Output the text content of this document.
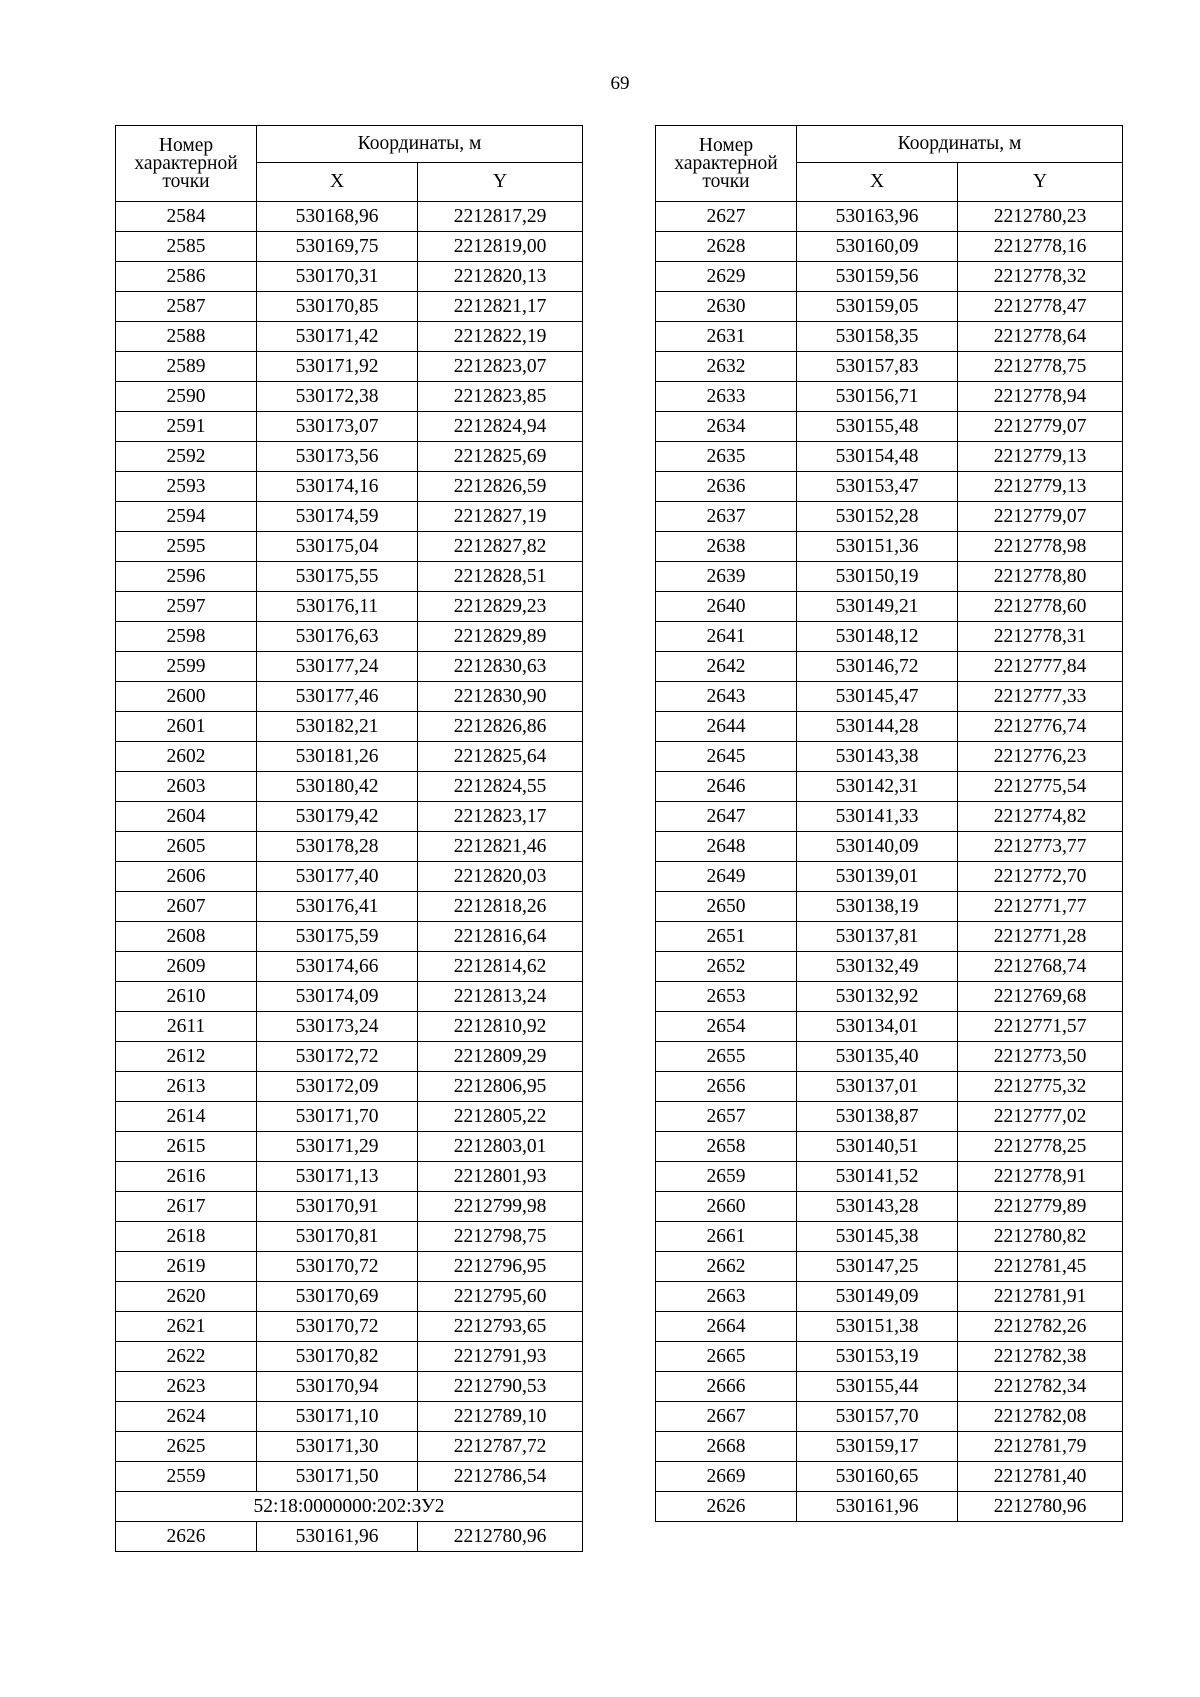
69
Номер характерной точки	Координаты, м	
	X	Y
2584	530168,96	2212817,29
2585	530169,75	2212819,00
2586	530170,31	2212820,13
2587	530170,85	2212821,17
2588	530171,42	2212822,19
2589	530171,92	2212823,07
2590	530172,38	2212823,85
2591	530173,07	2212824,94
2592	530173,56	2212825,69
2593	530174,16	2212826,59
2594	530174,59	2212827,19
2595	530175,04	2212827,82
2596	530175,55	2212828,51
2597	530176,11	2212829,23
2598	530176,63	2212829,89
2599	530177,24	2212830,63
2600	530177,46	2212830,90
2601	530182,21	2212826,86
2602	530181,26	2212825,64
2603	530180,42	2212824,55
2604	530179,42	2212823,17
2605	530178,28	2212821,46
2606	530177,40	2212820,03
2607	530176,41	2212818,26
2608	530175,59	2212816,64
2609	530174,66	2212814,62
2610	530174,09	2212813,24
2611	530173,24	2212810,92
2612	530172,72	2212809,29
2613	530172,09	2212806,95
2614	530171,70	2212805,22
2615	530171,29	2212803,01
2616	530171,13	2212801,93
2617	530170,91	2212799,98
2618	530170,81	2212798,75
2619	530170,72	2212796,95
2620	530170,69	2212795,60
2621	530170,72	2212793,65
2622	530170,82	2212791,93
2623	530170,94	2212790,53
2624	530171,10	2212789,10
2625	530171,30	2212787,72
2559	530171,50	2212786,54
52:18:0000000:202:ЗУ2		
2626	530161,96	2212780,96
Номер характерной точки	Координаты, м	
	X	Y
2627	530163,96	2212780,23
2628	530160,09	2212778,16
2629	530159,56	2212778,32
2630	530159,05	2212778,47
2631	530158,35	2212778,64
2632	530157,83	2212778,75
2633	530156,71	2212778,94
2634	530155,48	2212779,07
2635	530154,48	2212779,13
2636	530153,47	2212779,13
2637	530152,28	2212779,07
2638	530151,36	2212778,98
2639	530150,19	2212778,80
2640	530149,21	2212778,60
2641	530148,12	2212778,31
2642	530146,72	2212777,84
2643	530145,47	2212777,33
2644	530144,28	2212776,74
2645	530143,38	2212776,23
2646	530142,31	2212775,54
2647	530141,33	2212774,82
2648	530140,09	2212773,77
2649	530139,01	2212772,70
2650	530138,19	2212771,77
2651	530137,81	2212771,28
2652	530132,49	2212768,74
2653	530132,92	2212769,68
2654	530134,01	2212771,57
2655	530135,40	2212773,50
2656	530137,01	2212775,32
2657	530138,87	2212777,02
2658	530140,51	2212778,25
2659	530141,52	2212778,91
2660	530143,28	2212779,89
2661	530145,38	2212780,82
2662	530147,25	2212781,45
2663	530149,09	2212781,91
2664	530151,38	2212782,26
2665	530153,19	2212782,38
2666	530155,44	2212782,34
2667	530157,70	2212782,08
2668	530159,17	2212781,79
2669	530160,65	2212781,40
2626	530161,96	2212780,96
